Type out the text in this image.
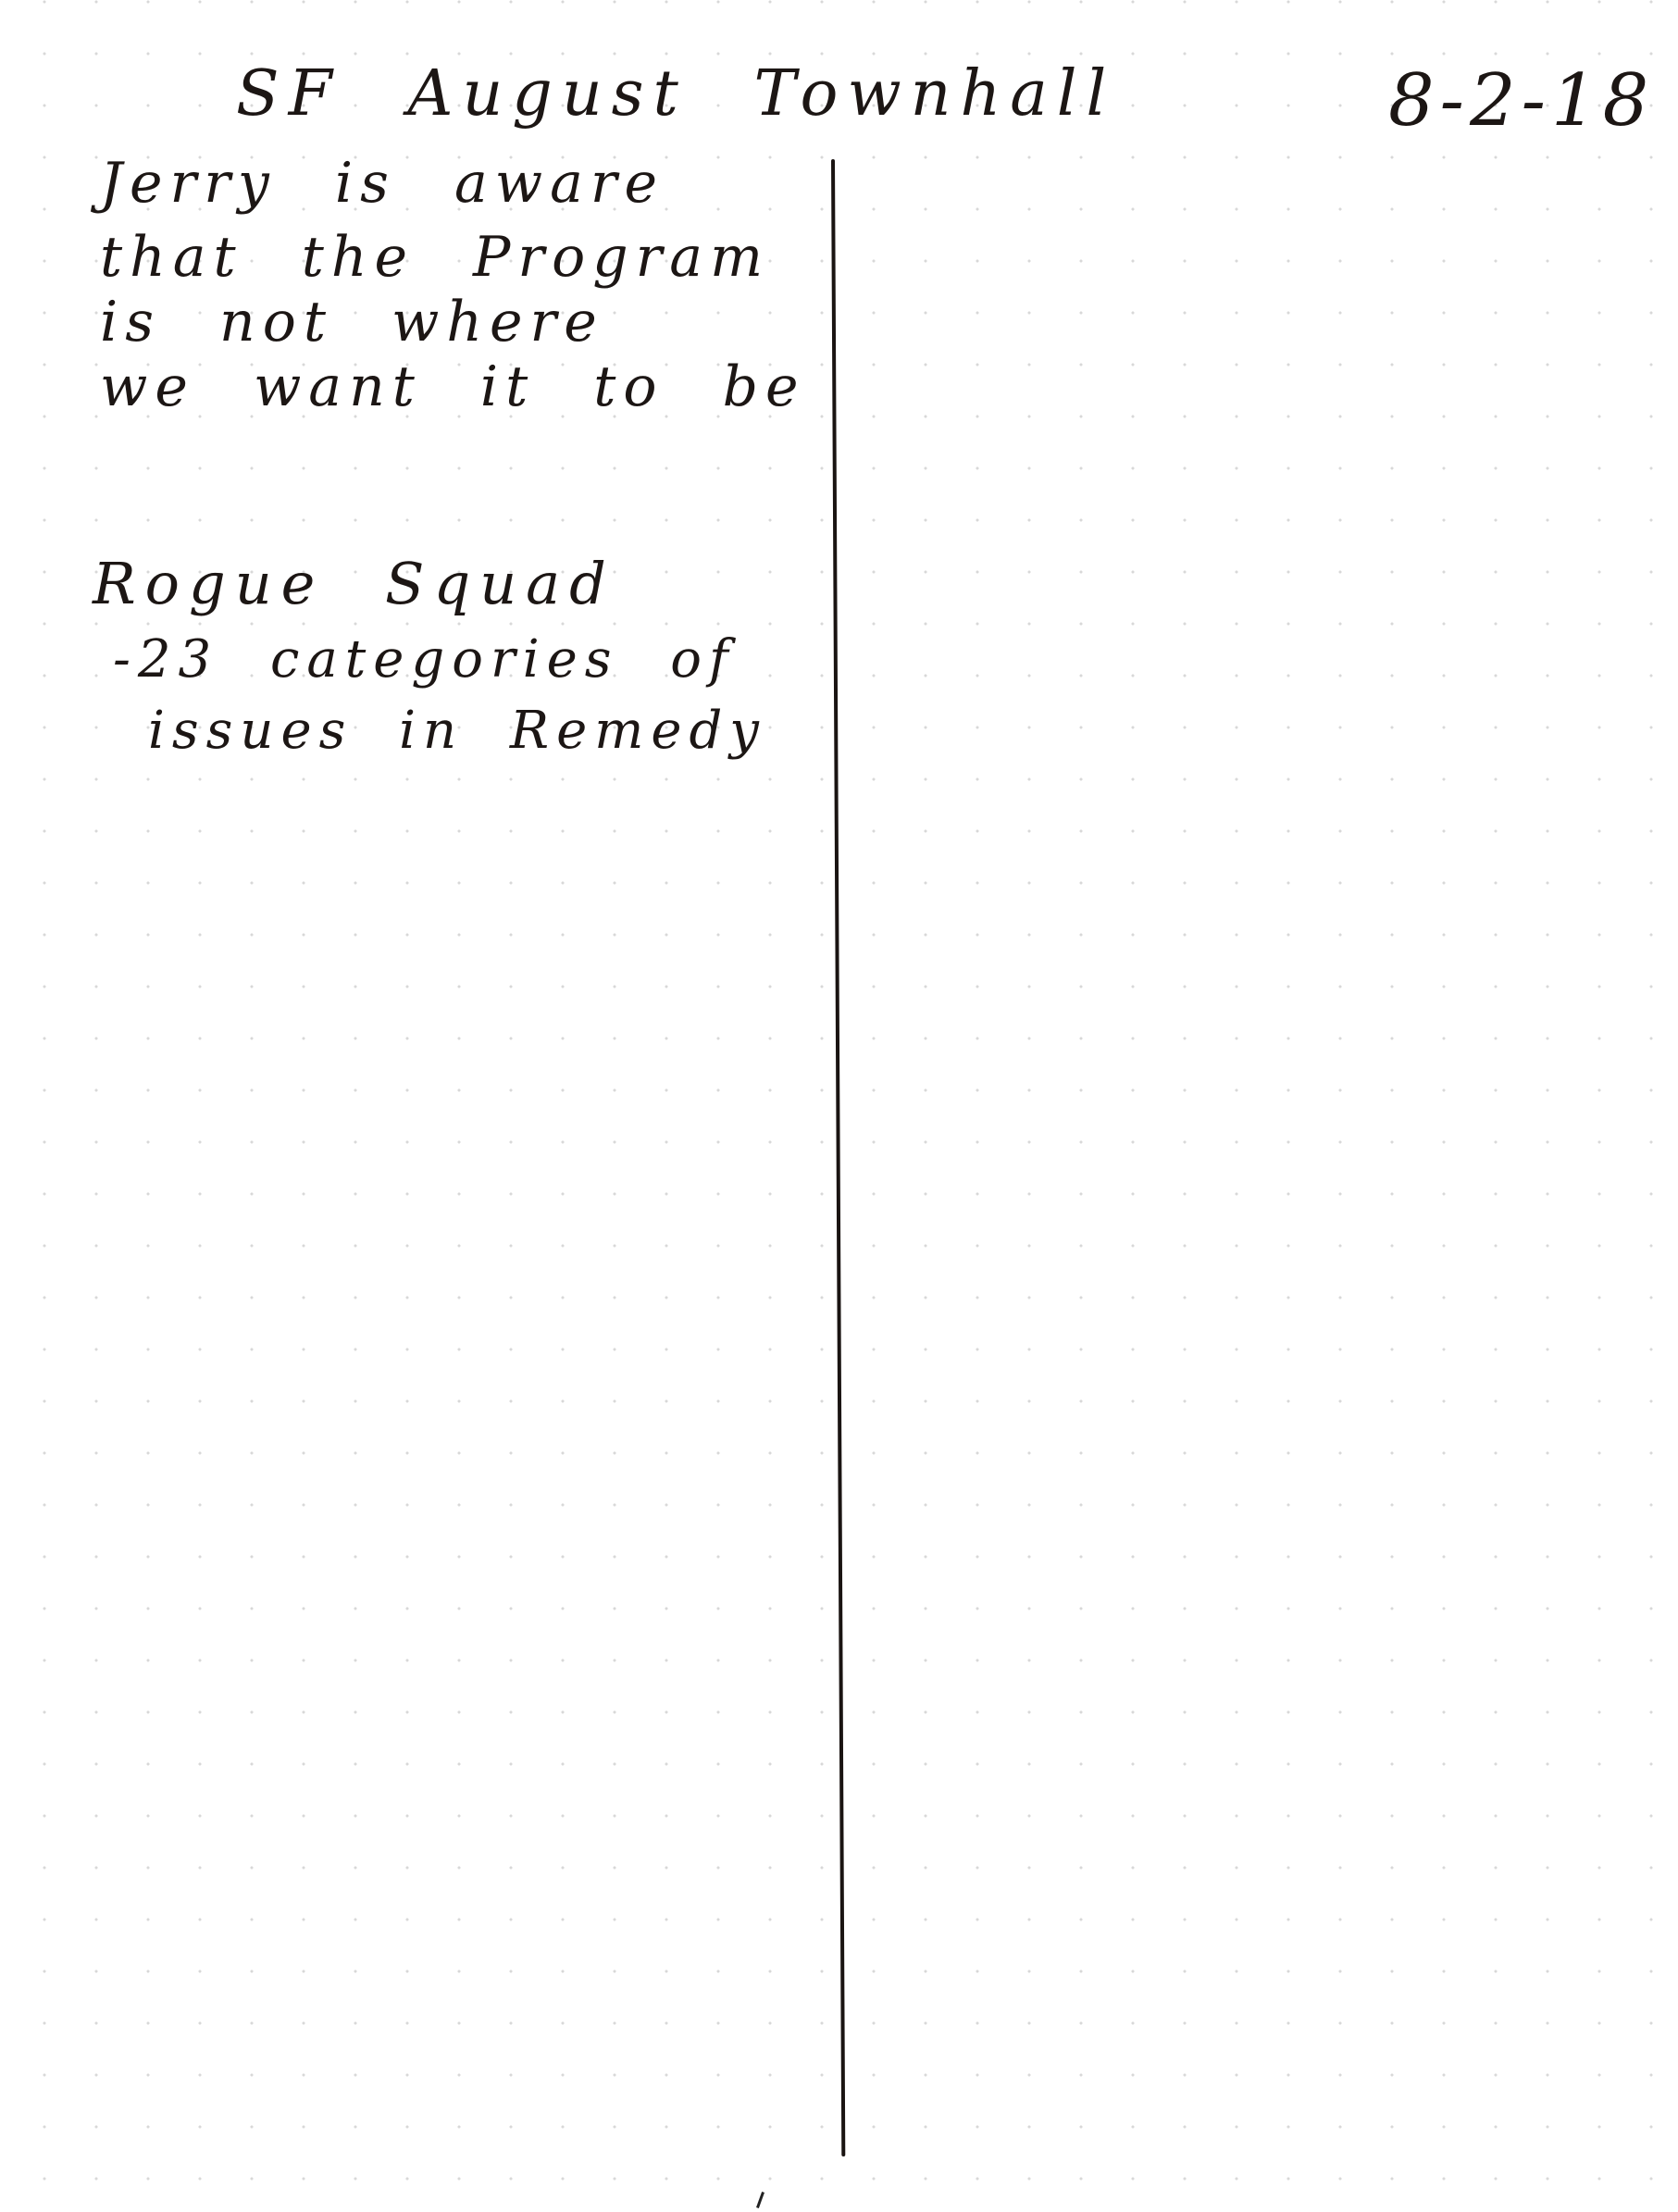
SF August Townhall	8-2-18
Jerry is aware
that the Program
is not where
we want it to be
Rogue Squad
-23 categories of
issues in Remedy
